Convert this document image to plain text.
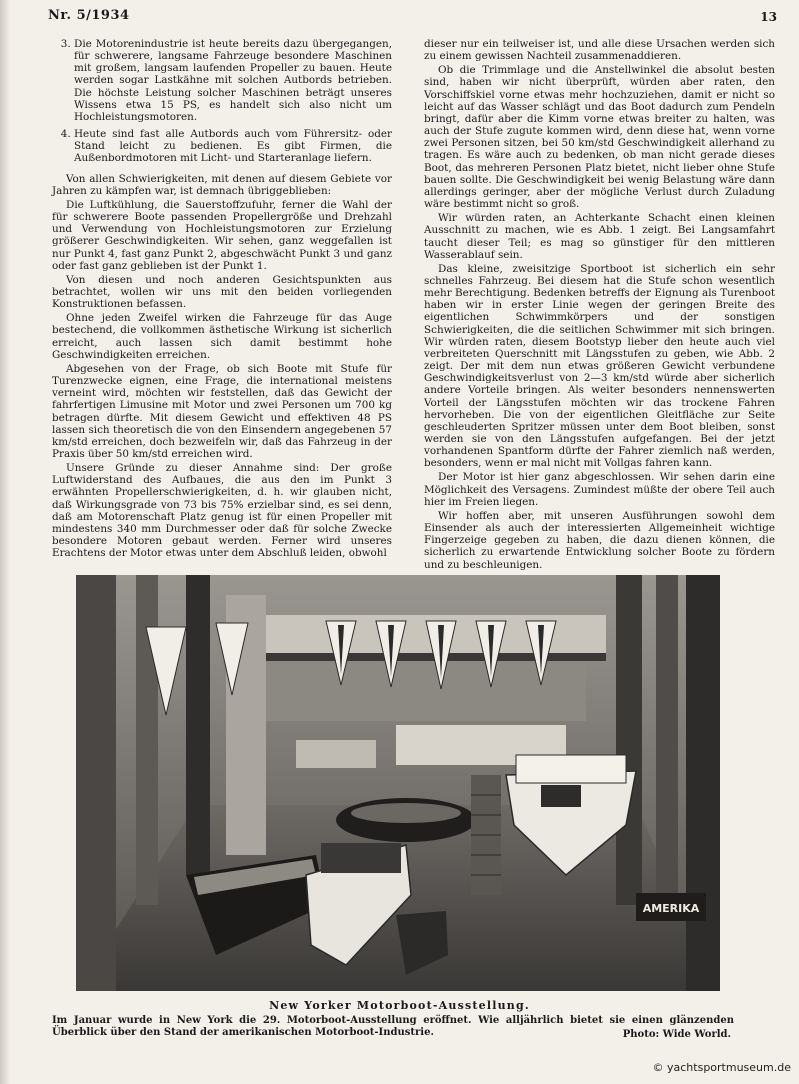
Nr. 5/1934	13
3. Die Motorenindustrie ist heute bereits dazu übergegangen, für schwerere, langsame Fahrzeuge besondere Maschinen mit großem, langsam laufenden Propeller zu bauen. Heute werden sogar Lastkähne mit solchen Autbords betrieben. Die höchste Leistung solcher Maschinen beträgt unseres Wissens etwa 15 PS, es handelt sich also nicht um Hochleistungsmotoren.
4. Heute sind fast alle Autbords auch vom Führersitz- oder Stand leicht zu bedienen. Es gibt Firmen, die Außenbordmotoren mit Licht- und Starteranlage liefern.

Von allen Schwierigkeiten, mit denen auf diesem Gebiete vor Jahren zu kämpfen war, ist demnach übriggeblieben:

Die Luftkühlung, die Sauerstoffzufuhr, ferner die Wahl der für schwerere Boote passenden Propellergröße und Drehzahl und Verwendung von Hochleistungsmotoren zur Erzielung größerer Geschwindigkeiten. Wir sehen, ganz weggefallen ist nur Punkt 4, fast ganz Punkt 2, abgeschwächt Punkt 3 und ganz oder fast ganz geblieben ist der Punkt 1.

Von diesen und noch anderen Gesichtspunkten aus betrachtet, wollen wir uns mit den beiden vorliegenden Konstruktionen befassen.

Ohne jeden Zweifel wirken die Fahrzeuge für das Auge bestechend, die vollkommen ästhetische Wirkung ist sicherlich erreicht, auch lassen sich damit bestimmt hohe Geschwindigkeiten erreichen.

Abgesehen von der Frage, ob sich Boote mit Stufe für Turenzwecke eignen, eine Frage, die international meistens verneint wird, möchten wir feststellen, daß das Gewicht der fahrfertigen Limusine mit Motor und zwei Personen um 700 kg betragen dürfte. Mit diesem Gewicht und effektiven 48 PS lassen sich theoretisch die von den Einsendern angegebenen 57 km/std erreichen, doch bezweifeln wir, daß das Fahrzeug in der Praxis über 50 km/std erreichen wird.

Unsere Gründe zu dieser Annahme sind: Der große Luftwiderstand des Aufbaues, die aus den im Punkt 3 erwähnten Propellerschwierigkeiten, d. h. wir glauben nicht, daß Wirkungsgrade von 73 bis 75% erzielbar sind, es sei denn, daß am Motorenschaft Platz genug ist für einen Propeller mit mindestens 340 mm Durchmesser oder daß für solche Zwecke besondere Motoren gebaut werden. Ferner wird unseres Erachtens der Motor etwas unter dem Abschluß leiden, obwohl

dieser nur ein teilweiser ist, und alle diese Ursachen werden sich zu einem gewissen Nachteil zusammenaddieren.

Ob die Trimmlage und die Anstellwinkel die absolut besten sind, haben wir nicht überprüft, würden aber raten, den Vorschiffskiel vorne etwas mehr hochzuziehen, damit er nicht so leicht auf das Wasser schlägt und das Boot dadurch zum Pendeln bringt, dafür aber die Kimm vorne etwas breiter zu halten, was auch der Stufe zugute kommen wird, denn diese hat, wenn vorne zwei Personen sitzen, bei 50 km/std Geschwindigkeit allerhand zu tragen. Es wäre auch zu bedenken, ob man nicht gerade dieses Boot, das mehreren Personen Platz bietet, nicht lieber ohne Stufe bauen sollte. Die Geschwindigkeit bei wenig Belastung wäre dann allerdings geringer, aber der mögliche Verlust durch Zuladung wäre bestimmt nicht so groß.

Wir würden raten, an Achterkante Schacht einen kleinen Ausschnitt zu machen, wie es Abb. 1 zeigt. Bei Langsamfahrt taucht dieser Teil; es mag so günstiger für den mittleren Wasserablauf sein.

Das kleine, zweisitzige Sportboot ist sicherlich ein sehr schnelles Fahrzeug. Bei diesem hat die Stufe schon wesentlich mehr Berechtigung. Bedenken betreffs der Eignung als Turenboot haben wir in erster Linie wegen der geringen Breite des eigentlichen Schwimmkörpers und der sonstigen Schwierigkeiten, die die seitlichen Schwimmer mit sich bringen. Wir würden raten, diesem Bootstyp lieber den heute auch viel verbreiteten Querschnitt mit Längsstufen zu geben, wie Abb. 2 zeigt. Der mit dem nun etwas größeren Gewicht verbundene Geschwindigkeitsverlust von 2—3 km/std würde aber sicherlich andere Vorteile bringen. Als weiter besonders nennenswerten Vorteil der Längsstufen möchten wir das trockene Fahren hervorheben. Die von der eigentlichen Gleitfläche zur Seite geschleuderten Spritzer müssen unter dem Boot bleiben, sonst werden sie von den Längsstufen aufgefangen. Bei der jetzt vorhandenen Spantform dürfte der Fahrer ziemlich naß werden, besonders, wenn er mal nicht mit Vollgas fahren kann.

Der Motor ist hier ganz abgeschlossen. Wir sehen darin eine Möglichkeit des Versagens. Zumindest müßte der obere Teil auch hier im Freien liegen.

Wir hoffen aber, mit unseren Ausführungen sowohl dem Einsender als auch der interessierten Allgemeinheit wichtige Fingerzeige gegeben zu haben, die dazu dienen können, die sicherlich zu erwartende Entwicklung solcher Boote zu fördern und zu beschleunigen.

AMERIKA
New Yorker Motorboot-Ausstellung.
Im Januar wurde in New York die 29. Motorboot-Ausstellung eröffnet. Wie alljährlich bietet sie einen glänzenden Überblick über den Stand der amerikanischen Motorboot-Industrie.	Photo: Wide World.
© yachtsportmuseum.de
